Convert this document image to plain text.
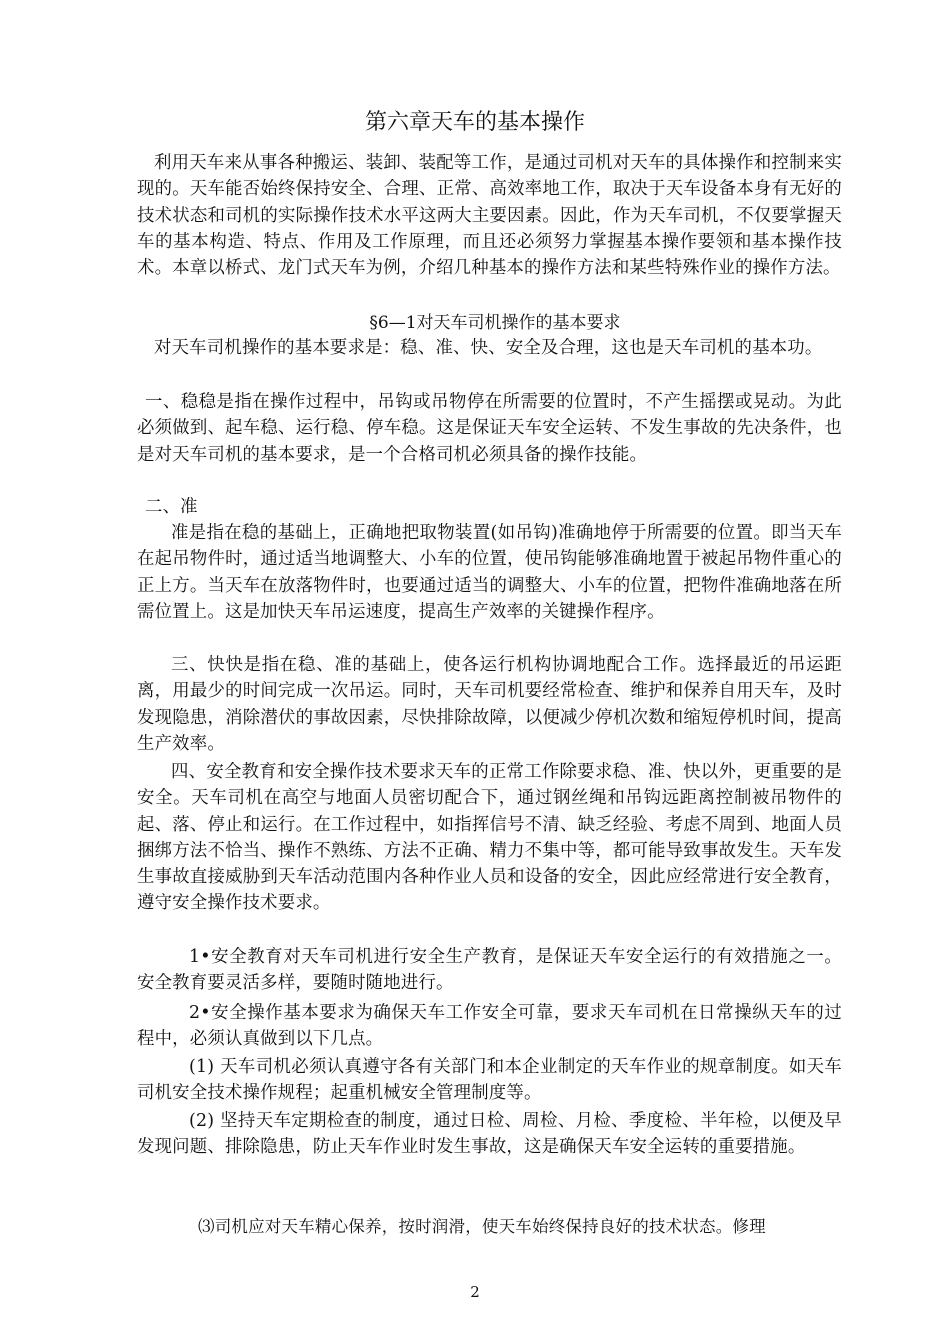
第六章天车的基本操作

利用天车来从事各种搬运、装卸、装配等工作，是通过司机对天车的具体操作和控制来实现的。天车能否始终保持安全、合理、正常、高效率地工作，取决于天车设备本身有无好的技术状态和司机的实际操作技术水平这两大主要因素。因此，作为天车司机，不仅要掌握天车的基本构造、特点、作用及工作原理，而且还必须努力掌握基本操作要领和基本操作技术。本章以桥式、龙门式天车为例，介绍几种基本的操作方法和某些特殊作业的操作方法。

§6—1对天车司机操作的基本要求

对天车司机操作的基本要求是：稳、准、快、安全及合理，这也是天车司机的基本功。

一、稳稳是指在操作过程中，吊钩或吊物停在所需要的位置时，不产生摇摆或晃动。为此必须做到、起车稳、运行稳、停车稳。这是保证天车安全运转、不发生事故的先决条件，也是对天车司机的基本要求，是一个合格司机必须具备的操作技能。

二、准

准是指在稳的基础上，正确地把取物装置(如吊钩)准确地停于所需要的位置。即当天车在起吊物件时，通过适当地调整大、小车的位置，使吊钩能够准确地置于被起吊物件重心的正上方。当天车在放落物件时，也要通过适当的调整大、小车的位置，把物件准确地落在所需位置上。这是加快天车吊运速度，提高生产效率的关键操作程序。

三、快快是指在稳、准的基础上，使各运行机构协调地配合工作。选择最近的吊运距离，用最少的时间完成一次吊运。同时，天车司机要经常检查、维护和保养自用天车，及时发现隐患，消除潜伏的事故因素，尽快排除故障，以便减少停机次数和缩短停机时间，提高生产效率。

四、安全教育和安全操作技术要求天车的正常工作除要求稳、准、快以外，更重要的是安全。天车司机在高空与地面人员密切配合下，通过钢丝绳和吊钩远距离控制被吊物件的起、落、停止和运行。在工作过程中，如指挥信号不清、缺乏经验、考虑不周到、地面人员捆绑方法不恰当、操作不熟练、方法不正确、精力不集中等，都可能导致事故发生。天车发生事故直接威胁到天车活动范围内各种作业人员和设备的安全，因此应经常进行安全教育，遵守安全操作技术要求。

1•安全教育对天车司机进行安全生产教育，是保证天车安全运行的有效措施之一。安全教育要灵活多样，要随时随地进行。

2•安全操作基本要求为确保天车工作安全可靠，要求天车司机在日常操纵天车的过程中，必须认真做到以下几点。

(1) 天车司机必须认真遵守各有关部门和本企业制定的天车作业的规章制度。如天车司机安全技术操作规程；起重机械安全管理制度等。

(2) 坚持天车定期检查的制度，通过日检、周检、月检、季度检、半年检，以便及早发现问题、排除隐患，防止天车作业时发生事故，这是确保天车安全运转的重要措施。

⑶司机应对天车精心保养，按时润滑，使天车始终保持良好的技术状态。修理

2
